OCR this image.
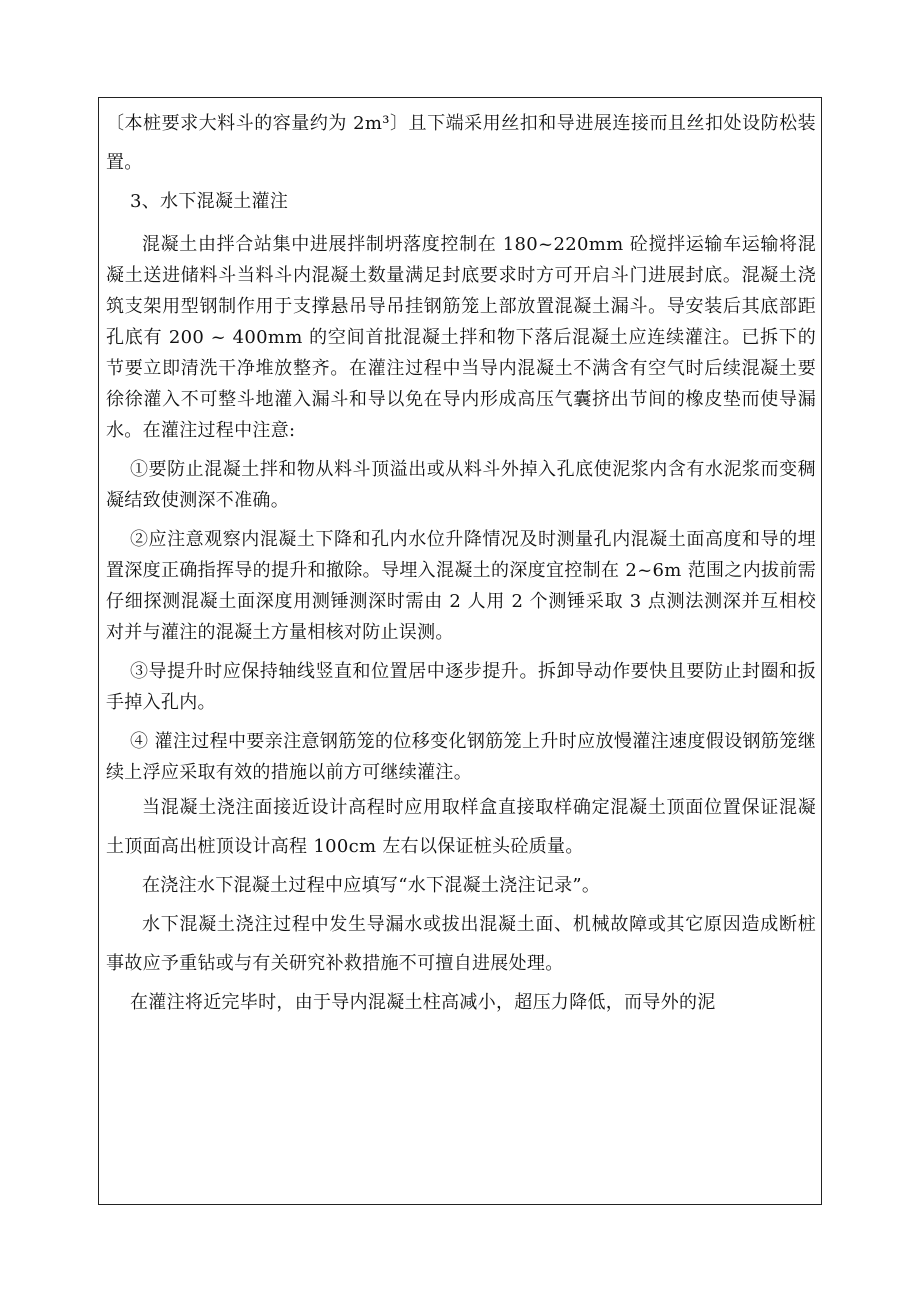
〔本桩要求大料斗的容量约为 2m³〕且下端采用丝扣和导进展连接而且丝扣处设防松装置。

3、水下混凝土灌注

混凝土由拌合站集中进展拌制坍落度控制在 180~220mm 砼搅拌运输车运输将混凝土送进储料斗当料斗内混凝土数量满足封底要求时方可开启斗门进展封底。混凝土浇筑支架用型钢制作用于支撑悬吊导吊挂钢筋笼上部放置混凝土漏斗。导安装后其底部距孔底有 200 ~ 400mm 的空间首批混凝土拌和物下落后混凝土应连续灌注。已拆下的节要立即清洗干净堆放整齐。在灌注过程中当导内混凝土不满含有空气时后续混凝土要徐徐灌入不可整斗地灌入漏斗和导以免在导内形成高压气囊挤出节间的橡皮垫而使导漏水。在灌注过程中注意:

①要防止混凝土拌和物从料斗顶溢出或从料斗外掉入孔底使泥浆内含有水泥浆而变稠凝结致使测深不准确。

②应注意观察内混凝土下降和孔内水位升降情况及时测量孔内混凝土面高度和导的埋置深度正确指挥导的提升和撤除。导埋入混凝土的深度宜控制在 2~6m 范围之内拔前需仔细探测混凝土面深度用测锤测深时需由 2 人用 2 个测锤采取 3 点测法测深并互相校对并与灌注的混凝土方量相核对防止误测。

③导提升时应保持轴线竖直和位置居中逐步提升。拆卸导动作要快且要防止封圈和扳手掉入孔内。

④ 灌注过程中要亲注意钢筋笼的位移变化钢筋笼上升时应放慢灌注速度假设钢筋笼继续上浮应采取有效的措施以前方可继续灌注。

当混凝土浇注面接近设计高程时应用取样盒直接取样确定混凝土顶面位置保证混凝土顶面高出桩顶设计高程 100cm 左右以保证桩头砼质量。

在浇注水下混凝土过程中应填写“水下混凝土浇注记录”。

水下混凝土浇注过程中发生导漏水或拔出混凝土面、机械故障或其它原因造成断桩事故应予重钻或与有关研究补救措施不可擅自进展处理。

在灌注将近完毕时，由于导内混凝土柱高减小，超压力降低，而导外的泥
